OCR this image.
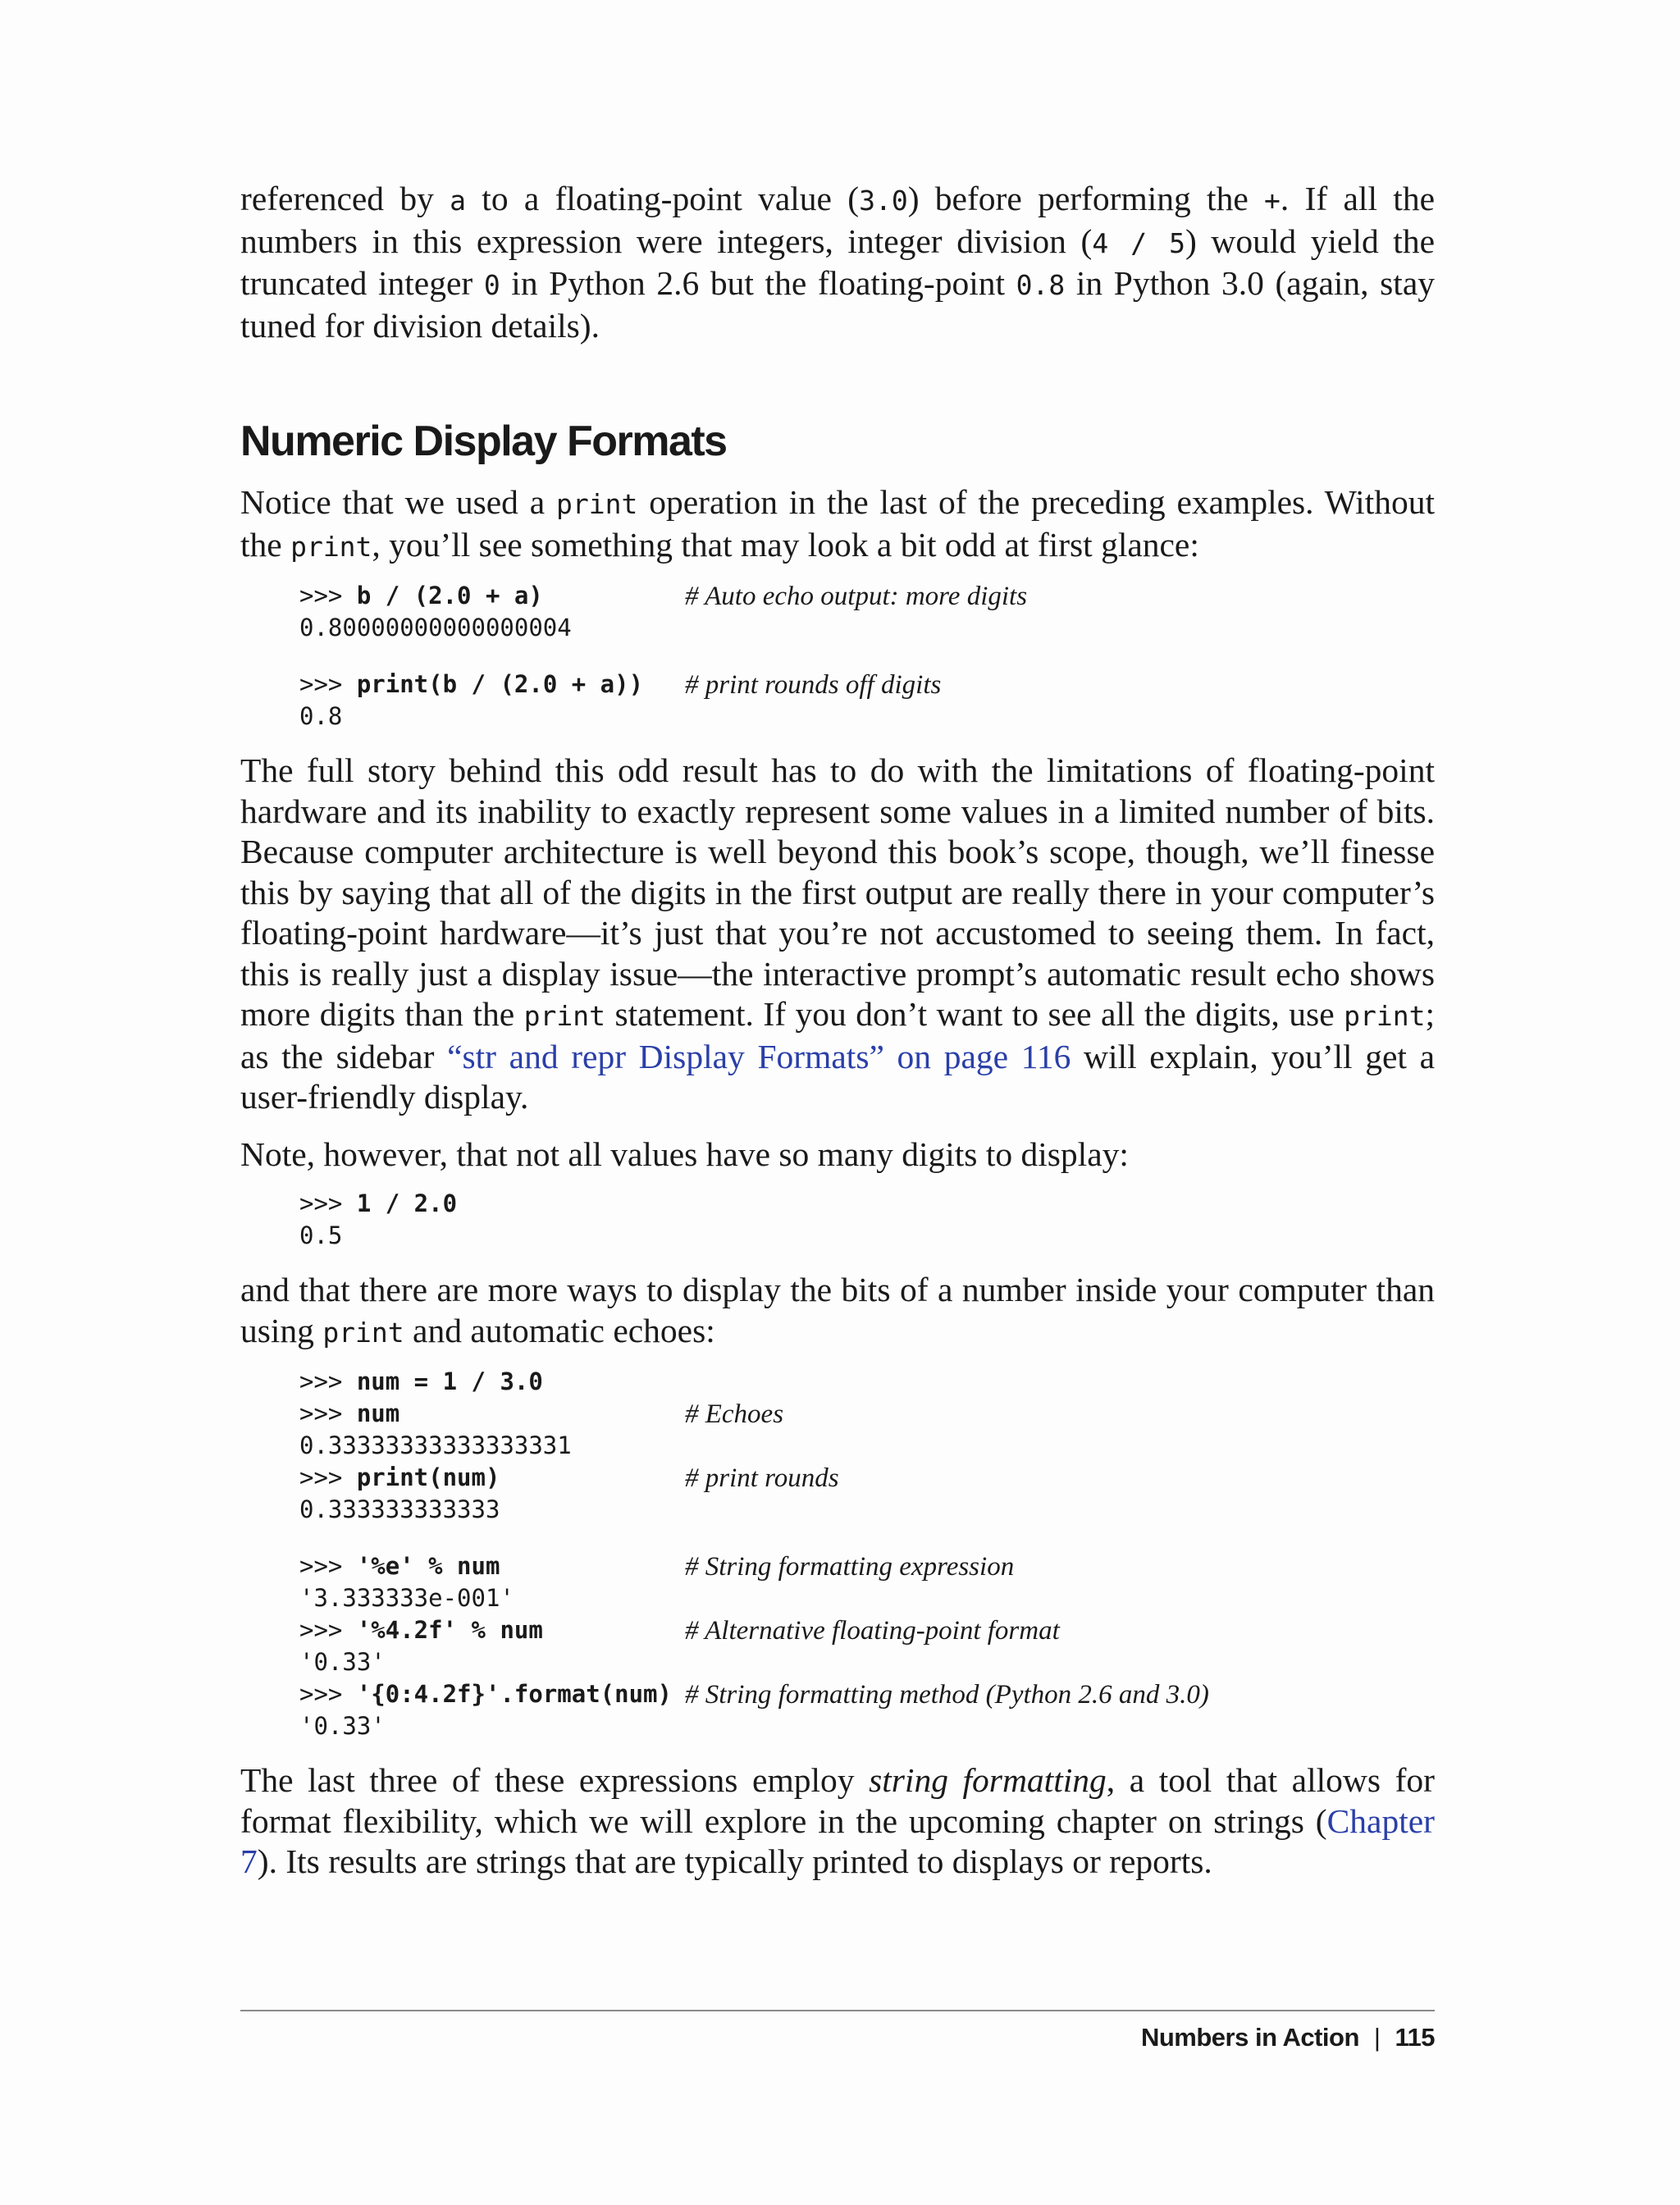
referenced by a to a floating-point value (3.0) before performing the +. If all the numbers in this expression were integers, integer division (4 / 5) would yield the truncated integer 0 in Python 2.6 but the floating-point 0.8 in Python 3.0 (again, stay tuned for division details).

Numeric Display Formats

Notice that we used a print operation in the last of the preceding examples. Without the print, you’ll see something that may look a bit odd at first glance:

>>> b / (2.0 + a)	# Auto echo output: more digits
0.80000000000000004
>>> print(b / (2.0 + a))	# print rounds off digits
0.8

The full story behind this odd result has to do with the limitations of floating-point hardware and its inability to exactly represent some values in a limited number of bits. Because computer architecture is well beyond this book’s scope, though, we’ll finesse this by saying that all of the digits in the first output are really there in your computer’s floating-point hardware—it’s just that you’re not accustomed to seeing them. In fact, this is really just a display issue—the interactive prompt’s automatic result echo shows more digits than the print statement. If you don’t want to see all the digits, use print; as the sidebar “str and repr Display Formats” on page 116 will explain, you’ll get a user-friendly display.

Note, however, that not all values have so many digits to display:

>>> 1 / 2.0
0.5

and that there are more ways to display the bits of a number inside your computer than using print and automatic echoes:

>>> num = 1 / 3.0
>>> num	# Echoes
0.33333333333333331
>>> print(num)	# print rounds
0.333333333333
>>> '%e' % num	# String formatting expression
'3.333333e-001'
>>> '%4.2f' % num	# Alternative floating-point format
'0.33'
>>> '{0:4.2f}'.format(num) # String formatting method (Python 2.6 and 3.0)
'0.33'

The last three of these expressions employ string formatting, a tool that allows for format flexibility, which we will explore in the upcoming chapter on strings (Chapter 7). Its results are strings that are typically printed to displays or reports.

Numbers in Action | 115
